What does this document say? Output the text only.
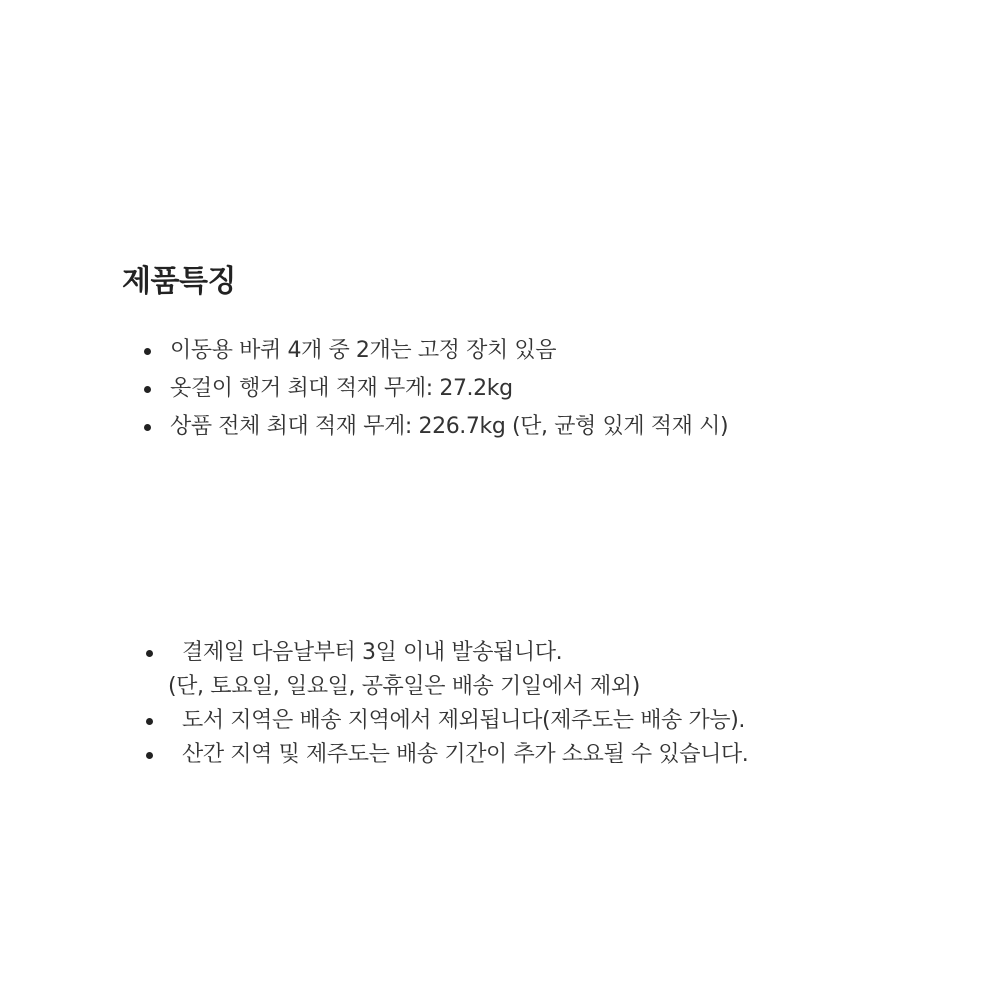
제품특징
이동용 바퀴 4개 중 2개는 고정 장치 있음
옷걸이 행거 최대 적재 무게: 27.2kg
상품 전체 최대 적재 무게: 226.7kg (단, 균형 있게 적재 시)
결제일 다음날부터 3일 이내 발송됩니다.
(단, 토요일, 일요일, 공휴일은 배송 기일에서 제외)
도서 지역은 배송 지역에서 제외됩니다(제주도는 배송 가능).
산간 지역 및 제주도는 배송 기간이 추가 소요될 수 있습니다.
